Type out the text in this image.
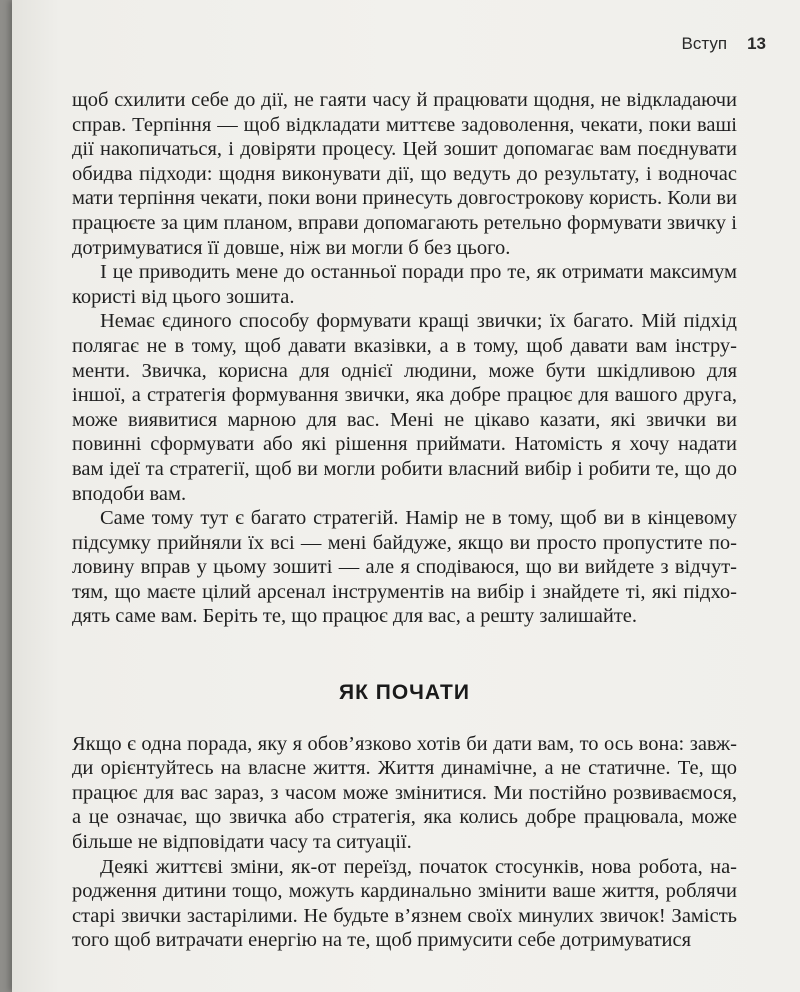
Вступ 13

щоб схилити себе до дії, не гаяти часу й працювати щодня, не відкладаючи справ. Терпіння — щоб відкладати миттєве задоволення, чекати, поки ваші дії накопичаться, і довіряти процесу. Цей зошит допомагає вам поєднувати обидва підходи: щодня виконувати дії, що ведуть до результату, і водночас мати терпіння чекати, поки вони принесуть довгострокову користь. Коли ви працюєте за цим планом, вправи допомагають ретельно формувати звичку і дотримуватися її довше, ніж ви могли б без цього.

І це приводить мене до останньої поради про те, як отримати максимум користі від цього зошита.

Немає єдиного способу формувати кращі звички; їх багато. Мій підхід полягає не в тому, щоб давати вказівки, а в тому, щоб давати вам інструменти. Звичка, корисна для однієї людини, може бути шкідливою для іншої, а стратегія формування звички, яка добре працює для вашого друга, може виявитися марною для вас. Мені не цікаво казати, які звички ви повинні сформувати або які рішення приймати. Натомість я хочу надати вам ідеї та стратегії, щоб ви могли робити власний вибір і робити те, що до вподоби вам.

Саме тому тут є багато стратегій. Намір не в тому, щоб ви в кінцевому підсумку прийняли їх всі — мені байдуже, якщо ви просто пропустите половину вправ у цьому зошиті — але я сподіваюся, що ви вийдете з відчуттям, що маєте цілий арсенал інструментів на вибір і знайдете ті, які підходять саме вам. Беріть те, що працює для вас, а решту залишайте.

ЯК ПОЧАТИ

Якщо є одна порада, яку я обов’язково хотів би дати вам, то ось вона: завжди орієнтуйтесь на власне життя. Життя динамічне, а не статичне. Те, що працює для вас зараз, з часом може змінитися. Ми постійно розвиваємося, а це означає, що звичка або стратегія, яка колись добре працювала, може більше не відповідати часу та ситуації.

Деякі життєві зміни, як-от переїзд, початок стосунків, нова робота, народження дитини тощо, можуть кардинально змінити ваше життя, роблячи старі звички застарілими. Не будьте в’язнем своїх минулих звичок! Замість того щоб витрачати енергію на те, щоб примусити себе дотримуватися
